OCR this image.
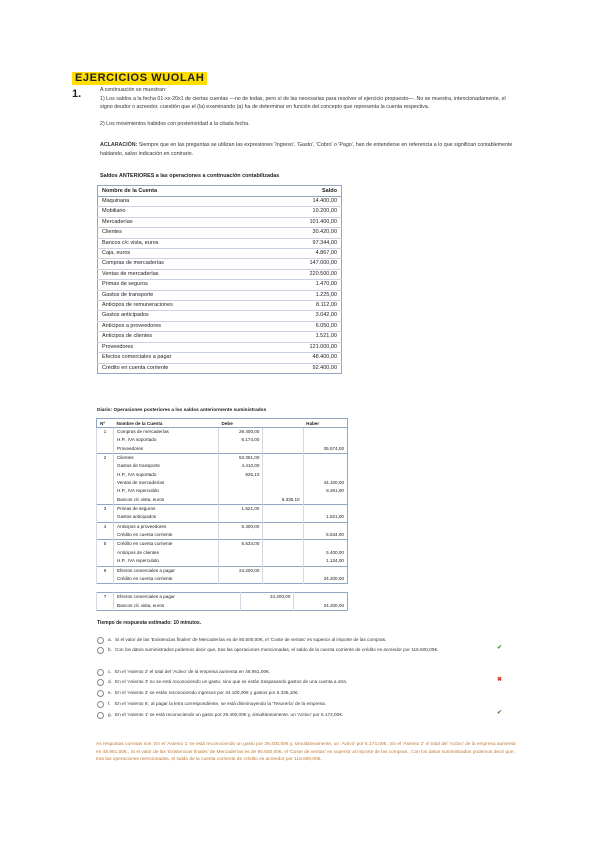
EJERCICIOS WUOLAH
1.	A continuación se muestran:
1) Los saldos a la fecha 01-xx-20x1 de ciertas cuentas —no de todas, pero sí de las necesarias para resolver el ejercicio propuesto—. No se muestra, intencionadamente, el signo deudor o acreedor, cuestión que el (la) examinando (a) ha de determinar en función del concepto que representa la cuenta respectiva.
2) Los movimientos habidos con posterioridad a la citada fecha.
ACLARACIÓN: Siempre que en las preguntas se utilizan las expresiones 'Ingreso', 'Gasto', 'Cobro' o 'Pago', han de entenderse en referencia a lo que significan contablemente hablando, salvo indicación en contrario.
Saldos ANTERIORES a las operaciones a continuación contabilizadas
Nombre de la Cuenta	Saldo
Maquinaria	14.400,00
Mobiliario	10.200,00
Mercaderías	101.400,00
Clientes	30.420,00
Bancos c/c vista, euros	97.344,00
Caja, euros	4.867,00
Compras de mercaderías	147.000,00
Ventas de mercaderías	220.500,00
Primas de seguros	1.470,00
Gastos de transporte	1.225,00
Anticipos de remuneraciones	8.112,00
Gastos anticipados	3.042,00
Anticipos a proveedores	6.050,00
Anticipos de clientes	1.521,00
Proveedores	121.000,00
Efectos comerciales a pagar	48.400,00
Crédito en cuenta corriente	92.400,00
Diario: Operaciones posteriores a los saldos anteriormente suministrados
Nº	Nombre de la Cuenta	Debe		Haber
1	Compras de mercaderías	29.400,00		
	H.P., IVA soportado	6.174,00		
	Proveedores			35.574,00
2	Clientes	53.361,00		
	Gastos de transporte	4.410,00		
	H.P., IVA soportado	926,10		
	Ventas de mercaderías			44.100,00
	H.P., IVA repercutido			9.261,00
	Bancos c/c vista, euros		5.336,10	
3	Primas de seguros	1.521,00		
	Gastos anticipados			1.521,00
4	Anticipos a proveedores	5.400,00		
	Crédito en cuenta corriente			6.534,00
5	Crédito en cuenta corriente	6.534,00		
	Anticipos de clientes			5.400,00
	H.P., IVA repercutido			1.134,00
6	Efectos comerciales a pagar	24.200,00		
	Crédito en cuenta corriente			24.200,00
7	Efectos comerciales a pagar	24.200,00	
	Bancos c/c vista, euros		24.200,00
Tiempo de respuesta estimado: 10 minutos.
a. Si el valor de las 'Existencias finales' de Mercaderías es de 90.600,00€, el 'Coste de ventas' es superior al importe de las compras.
b. Con los datos suministrados podemos decir que, tras las operaciones mencionadas, el saldo de la cuenta corriente de crédito es acreedor por 116.600,00€.	✔
c. En el 'Asiento 2' el total del 'Activo' de la empresa aumenta en 48.951,00€.
d. En el 'Asiento 3' no se está reconociendo un gasto, sino que se están traspasando gastos de una cuenta a otra.	✖
e. En el 'Asiento 2' se están reconociendo ingresos por 44.100,00€ y gastos por 5.336,10€.
f. En el 'Asiento 6', al pagar la letra correspondiente, se está disminuyendo la 'Tesorería' de la empresa.
g. En el 'Asiento 1' se está reconociendo un gasto por 29.400,00€ y, simultáneamente, un 'Activo' por 6.174,00€.	✔
As respostas corretas son: En el 'Asiento 1' se está reconociendo un gasto por 29.400,00€ y, simultáneamente, un 'Activo' por 6.174,00€., En el 'Asiento 2' el total del 'Activo' de la empresa aumenta en 48.951,00€., Si el valor de las 'Existencias finales' de Mercaderías es de 90.600,00€, el 'Coste de ventas' es superior al importe de las compras., Con los datos suministrados podemos decir que, tras las operaciones mencionadas, el saldo de la cuenta corriente de crédito es acreedor por 116.600,00€.
